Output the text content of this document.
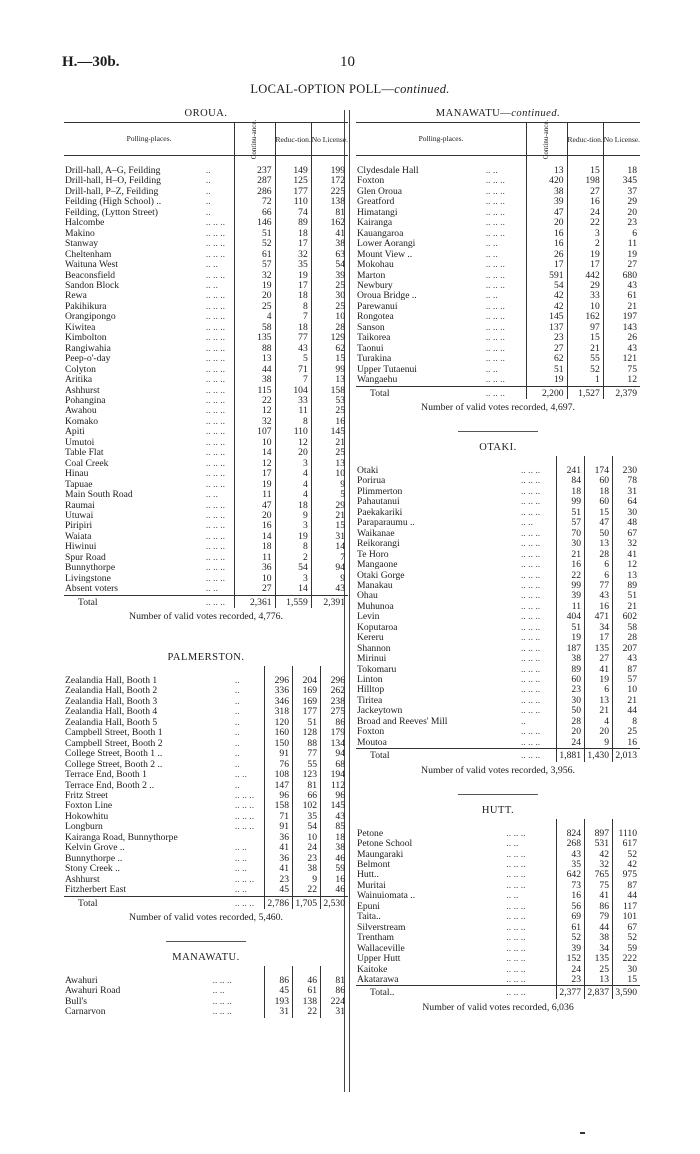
H.—30b.	10
LOCAL-OPTION POLL—continued.
OROUA.
Polling-places.		Continu-ance.	Reduc-tion.	No License.
Drill-hall, A–G, Feilding	..	237	149	199
Drill-hall, H–O, Feilding	..	287	125	172
Drill-hall, P–Z, Feilding	..	286	177	225
Feilding (High School) ..	..	72	110	138
Feilding, (Lytton Street)	..	66	74	81
Halcombe	.. .. ..	146	89	162
Makino	.. .. ..	51	18	41
Stanway	.. .. ..	52	17	38
Cheltenham	.. .. ..	61	32	63
Waituna West	.. ..	57	35	54
Beaconsfield	.. .. ..	32	19	39
Sandon Block	.. ..	19	17	25
Rewa	.. .. ..	20	18	30
Pakihikura	.. .. ..	25	8	25
Orangipongo	.. .. ..	4	7	10
Kiwitea	.. .. ..	58	18	28
Kimbolton	.. .. ..	135	77	129
Rangiwahia	.. .. ..	88	43	62
Peep-o'-day	.. .. ..	13	5	15
Colyton	.. .. ..	44	71	99
Aritika	.. .. ..	38	7	13
Ashhurst	.. .. ..	115	104	158
Pohangina	.. .. ..	22	33	53
Awahou	.. .. ..	12	11	25
Komako	.. .. ..	32	8	16
Apiti	.. .. ..	107	110	145
Umutoi	.. .. ..	10	12	21
Table Flat	.. .. ..	14	20	25
Coal Creek	.. .. ..	12	3	13
Hinau	.. .. ..	17	4	10
Tapuae	.. .. ..	19	4	9
Main South Road	.. ..	11	4	5
Raumai	.. .. ..	47	18	29
Utuwai	.. .. ..	20	9	21
Piripiri	.. .. ..	16	3	15
Waiata	.. .. ..	14	19	31
Hiwinui	.. .. ..	18	8	14
Spur Road	.. .. ..	11	2	7
Bunnythorpe	.. .. ..	36	54	94
Livingstone	.. .. ..	10	3	9
Absent voters	.. ..	27	14	43
Total	.. .. ..	2,361	1,559	2,391
Number of valid votes recorded, 4,776.
PALMERSTON.
Zealandia Hall, Booth 1	..	296	204	296
Zealandia Hall, Booth 2	..	336	169	262
Zealandia Hall, Booth 3	..	346	169	238
Zealandia Hall, Booth 4	..	318	177	275
Zealandia Hall, Booth 5	..	120	51	86
Campbell Street, Booth 1	..	160	128	179
Campbell Street, Booth 2	..	150	88	134
College Street, Booth 1 ..	..	91	77	94
College Street, Booth 2 ..	..	76	55	68
Terrace End, Booth 1	.. ..	108	123	194
Terrace End, Booth 2 ..	..	147	81	112
Fritz Street	.. .. ..	96	66	96
Foxton Line	.. .. ..	158	102	145
Hokowhitu	.. .. ..	71	35	43
Longburn	.. .. ..	91	54	85
Kairanga Road, Bunnythorpe		36	10	18
Kelvin Grove ..	.. ..	41	24	38
Bunnythorpe ..	.. ..	36	23	46
Stony Creek ..	.. ..	41	38	59
Ashhurst	.. .. ..	23	9	16
Fitzherbert East	.. ..	45	22	46
Total	.. .. ..	2,786	1,705	2,530
Number of valid votes recorded, 5,460.
MANAWATU.
Awahuri	.. .. ..	86	46	81
Awahuri Road	.. ..	45	61	86
Bull's	.. .. ..	193	138	224
Carnarvon	.. .. ..	31	22	31
MANAWATU—continued.
Polling-places.		Continu-ance.	Reduc-tion.	No License.
Clydesdale Hall	.. ..	13	15	18
Foxton	.. .. ..	420	198	345
Glen Oroua	.. .. ..	38	27	37
Greatford	.. .. ..	39	16	29
Himatangi	.. .. ..	47	24	20
Kairanga	.. .. ..	20	22	23
Kauangaroa	.. .. ..	16	3	6
Lower Aorangi	.. ..	16	2	11
Mount View ..	.. ..	26	19	19
Mokohau	.. .. ..	17	17	27
Marton	.. .. ..	591	442	680
Newbury	.. .. ..	54	29	43
Oroua Bridge ..	.. ..	42	33	61
Parewanui	.. .. ..	42	10	21
Rongotea	.. .. ..	145	162	197
Sanson	.. .. ..	137	97	143
Taikorea	.. .. ..	23	15	26
Taonui	.. .. ..	27	21	43
Turakina	.. .. ..	62	55	121
Upper Tutaenui	.. ..	51	52	75
Wangaehu	.. .. ..	19	1	12
Total	.. .. ..	2,200	1,527	2,379
Number of valid votes recorded, 4,697.
OTAKI.
Otaki	.. .. ..	241	174	230
Porirua	.. .. ..	84	60	78
Plimmerton	.. .. ..	18	18	31
Pahautanui	.. .. ..	99	60	64
Paekakariki	.. .. ..	51	15	30
Paraparaumu ..	.. ..	57	47	48
Waikanae	.. .. ..	70	50	67
Reikorangi	.. .. ..	30	13	32
Te Horo	.. .. ..	21	28	41
Mangaone	.. .. ..	16	6	12
Otaki Gorge	.. .. ..	22	6	13
Manakau	.. .. ..	99	77	89
Ohau	.. .. ..	39	43	51
Muhunoa	.. .. ..	11	16	21
Levin	.. .. ..	404	471	602
Koputaroa	.. .. ..	51	34	58
Kereru	.. .. ..	19	17	28
Shannon	.. .. ..	187	135	207
Mirinui	.. .. ..	38	27	43
Tokomaru	.. .. ..	89	41	87
Linton	.. .. ..	60	19	57
Hilltop	.. .. ..	23	6	10
Tiritea	.. .. ..	30	13	21
Jackeytown	.. .. ..	50	21	44
Broad and Reeves' Mill	..	28	4	8
Foxton	.. .. ..	20	20	25
Moutoa	.. .. ..	24	9	16
Total	.. .. ..	1,881	1,430	2,013
Number of valid votes recorded, 3,956.
HUTT.
Petone	.. .. ..	824	897	1110
Petone School	.. ..	268	531	617
Maungaraki	.. .. ..	43	42	52
Belmont	.. .. ..	35	32	42
Hutt..	.. .. ..	642	765	975
Muritai	.. .. ..	73	75	87
Wainuiomata ..	.. ..	16	41	44
Epuni	.. .. ..	56	86	117
Taita..	.. .. ..	69	79	101
Silverstream	.. .. ..	61	44	67
Trentham	.. .. ..	52	38	52
Wallaceville	.. .. ..	39	34	59
Upper Hutt	.. .. ..	152	135	222
Kaitoke	.. .. ..	24	25	30
Akatarawa	.. .. ..	23	13	15
Total..	.. .. ..	2,377	2,837	3,590
Number of valid votes recorded, 6,036
